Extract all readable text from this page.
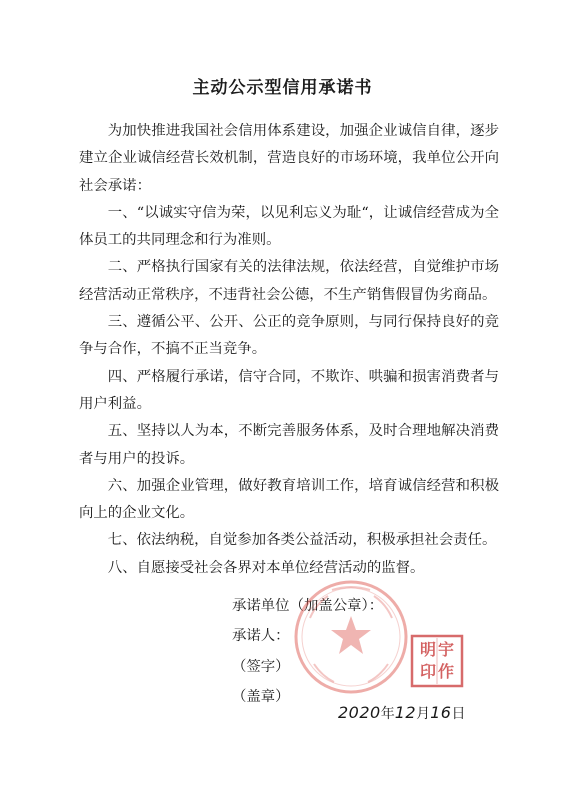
主动公示型信用承诺书

为加快推进我国社会信用体系建设，加强企业诚信自律，逐步建立企业诚信经营长效机制，营造良好的市场环境，我单位公开向社会承诺：

一、“以诚实守信为荣，以见利忘义为耻“，让诚信经营成为全体员工的共同理念和行为准则。

二、严格执行国家有关的法律法规，依法经营，自觉维护市场经营活动正常秩序，不违背社会公德，不生产销售假冒伪劣商品。

三、遵循公平、公开、公正的竞争原则，与同行保持良好的竞争与合作，不搞不正当竞争。

四、严格履行承诺，信守合同，不欺诈、哄骗和损害消费者与用户利益。

五、坚持以人为本，不断完善服务体系，及时合理地解决消费者与用户的投诉。

六、加强企业管理，做好教育培训工作，培育诚信经营和积极向上的企业文化。

七、依法纳税，自觉参加各类公益活动，积极承担社会责任。

八、自愿接受社会各界对本单位经营活动的监督。

承诺单位（加盖公章）：
承诺人：
（签字）
（盖章）
明宇
印作
2020年12月16日
